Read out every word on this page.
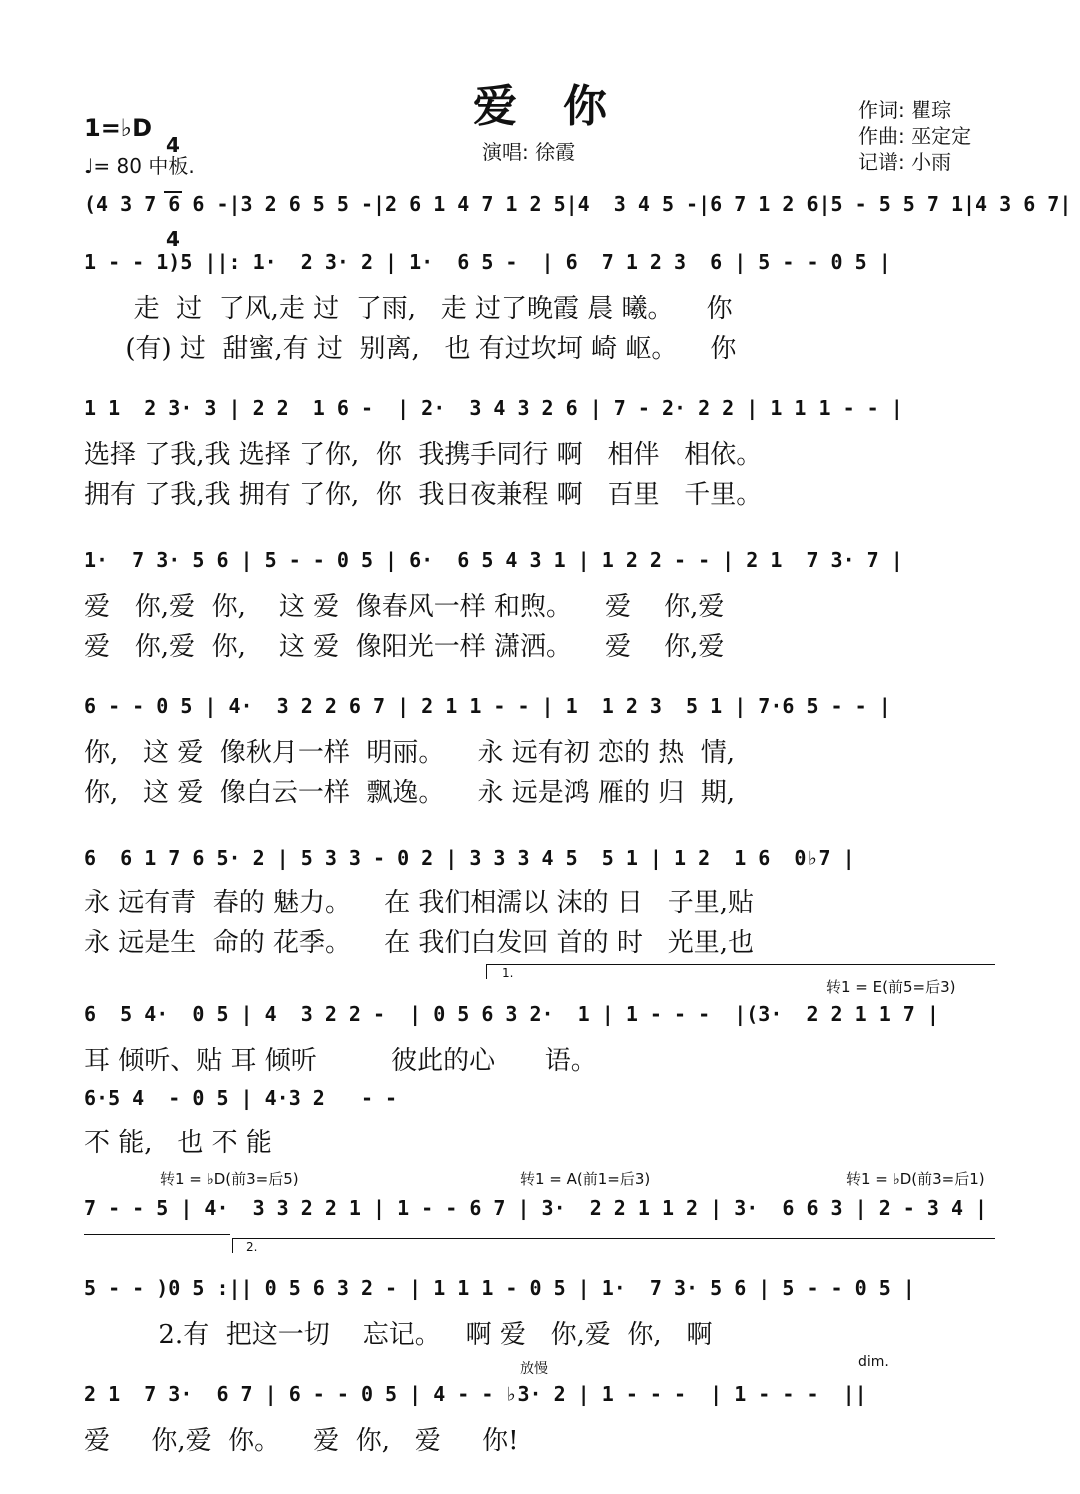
爱   你
1=♭D

4

4

♩= 80 中板.
演唱: 徐霞
作词: 瞿琮
作曲: 巫定定
记谱: 小雨
(4 3 7 6 6 -|3 2 6 5 5 -|2 6 1 4 7 1 2 5|4  3 4 5 -|6 7 1 2 6|5 - 5 5 7 1|4 3 6 7|
1 - - 1)5 ||: 1·  2 3· 2 | 1·  6 5 -  | 6  7 1 2 3  6 | 5 - - 0 5 |
走  过  了风,走 过  了雨,   走 过了晚霞 晨 曦。    你
(有) 过  甜蜜,有 过  别离,   也 有过坎坷 崎 岖。    你
1 1  2 3· 3 | 2 2  1 6 -  | 2·  3 4 3 2 6 | 7 - 2· 2 2 | 1 1 1 - - |
选择 了我,我 选择 了你,  你  我携手同行 啊   相伴   相依。
拥有 了我,我 拥有 了你,  你  我日夜兼程 啊   百里   千里。
1·  7 3· 5 6 | 5 - - 0 5 | 6·  6 5 4 3 1 | 1 2 2 - - | 2 1  7 3· 7 |
爱   你,爱  你,    这 爱  像春风一样 和煦。    爱    你,爱
爱   你,爱  你,    这 爱  像阳光一样 潇洒。    爱    你,爱
6 - - 0 5 | 4·  3 2 2 6 7 | 2 1 1 - - | 1  1 2 3  5 1 | 7·6 5 - - |
你,   这 爱  像秋月一样  明丽。    永 远有初 恋的 热  情,
你,   这 爱  像白云一样  飘逸。    永 远是鸿 雁的 归  期,
6  6 1 7 6 5· 2 | 5 3 3 - 0 2 | 3 3 3 4 5  5 1 | 1 2  1 6  0♭7 |
永 远有青  春的 魅力。    在 我们相濡以 沫的 日   子里,贴
永 远是生  命的 花季。    在 我们白发回 首的 时   光里,也
1.
转1 = E(前5=后3)
6  5 4·  0 5 | 4  3 2 2 -  | 0 5 6 3 2·  1 | 1 - - -  |(3·  2 2 1 1 7 |
耳 倾听、贴 耳 倾听         彼此的心      语。
6·5 4  - 0 5 | 4·3 2   - -
不 能,   也 不 能
转1 = ♭D(前3=后5)	转1 = A(前1=后3)	转1 = ♭D(前3=后1)
7 - - 5 | 4·  3 3 2 2 1 | 1 - - 6 7 | 3·  2 2 1 1 2 | 3·  6 6 3 | 2 - 3 4 |
2.
5 - - )0 5 :|| 0 5 6 3 2 - | 1 1 1 - 0 5 | 1·  7 3· 5 6 | 5 - - 0 5 |
2.有  把这一切    忘记。   啊 爱   你,爱  你,   啊
放慢	dim.
2 1  7 3·  6 7 | 6 - - 0 5 | 4 - - ♭3· 2 | 1 - - -  | 1 - - -  ||
爱     你,爱  你。    爱  你,   爱     你!
